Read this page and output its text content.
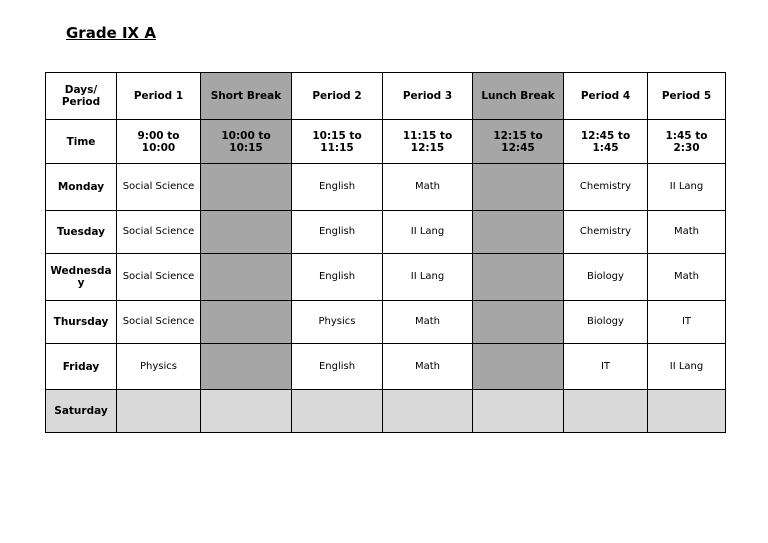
Grade IX A
Days/ Period	Period 1	Short Break	Period 2	Period 3	Lunch Break	Period 4	Period 5
Time	9:00 to 10:00	10:00 to 10:15	10:15 to 11:15	11:15 to 12:15	12:15 to 12:45	12:45 to 1:45	1:45 to 2:30
Monday	Social Science		English	Math		Chemistry	II Lang
Tuesday	Social Science		English	II Lang		Chemistry	Math
Wednesday	Social Science		English	II Lang		Biology	Math
Thursday	Social Science		Physics	Math		Biology	IT
Friday	Physics		English	Math		IT	II Lang
Saturday							
